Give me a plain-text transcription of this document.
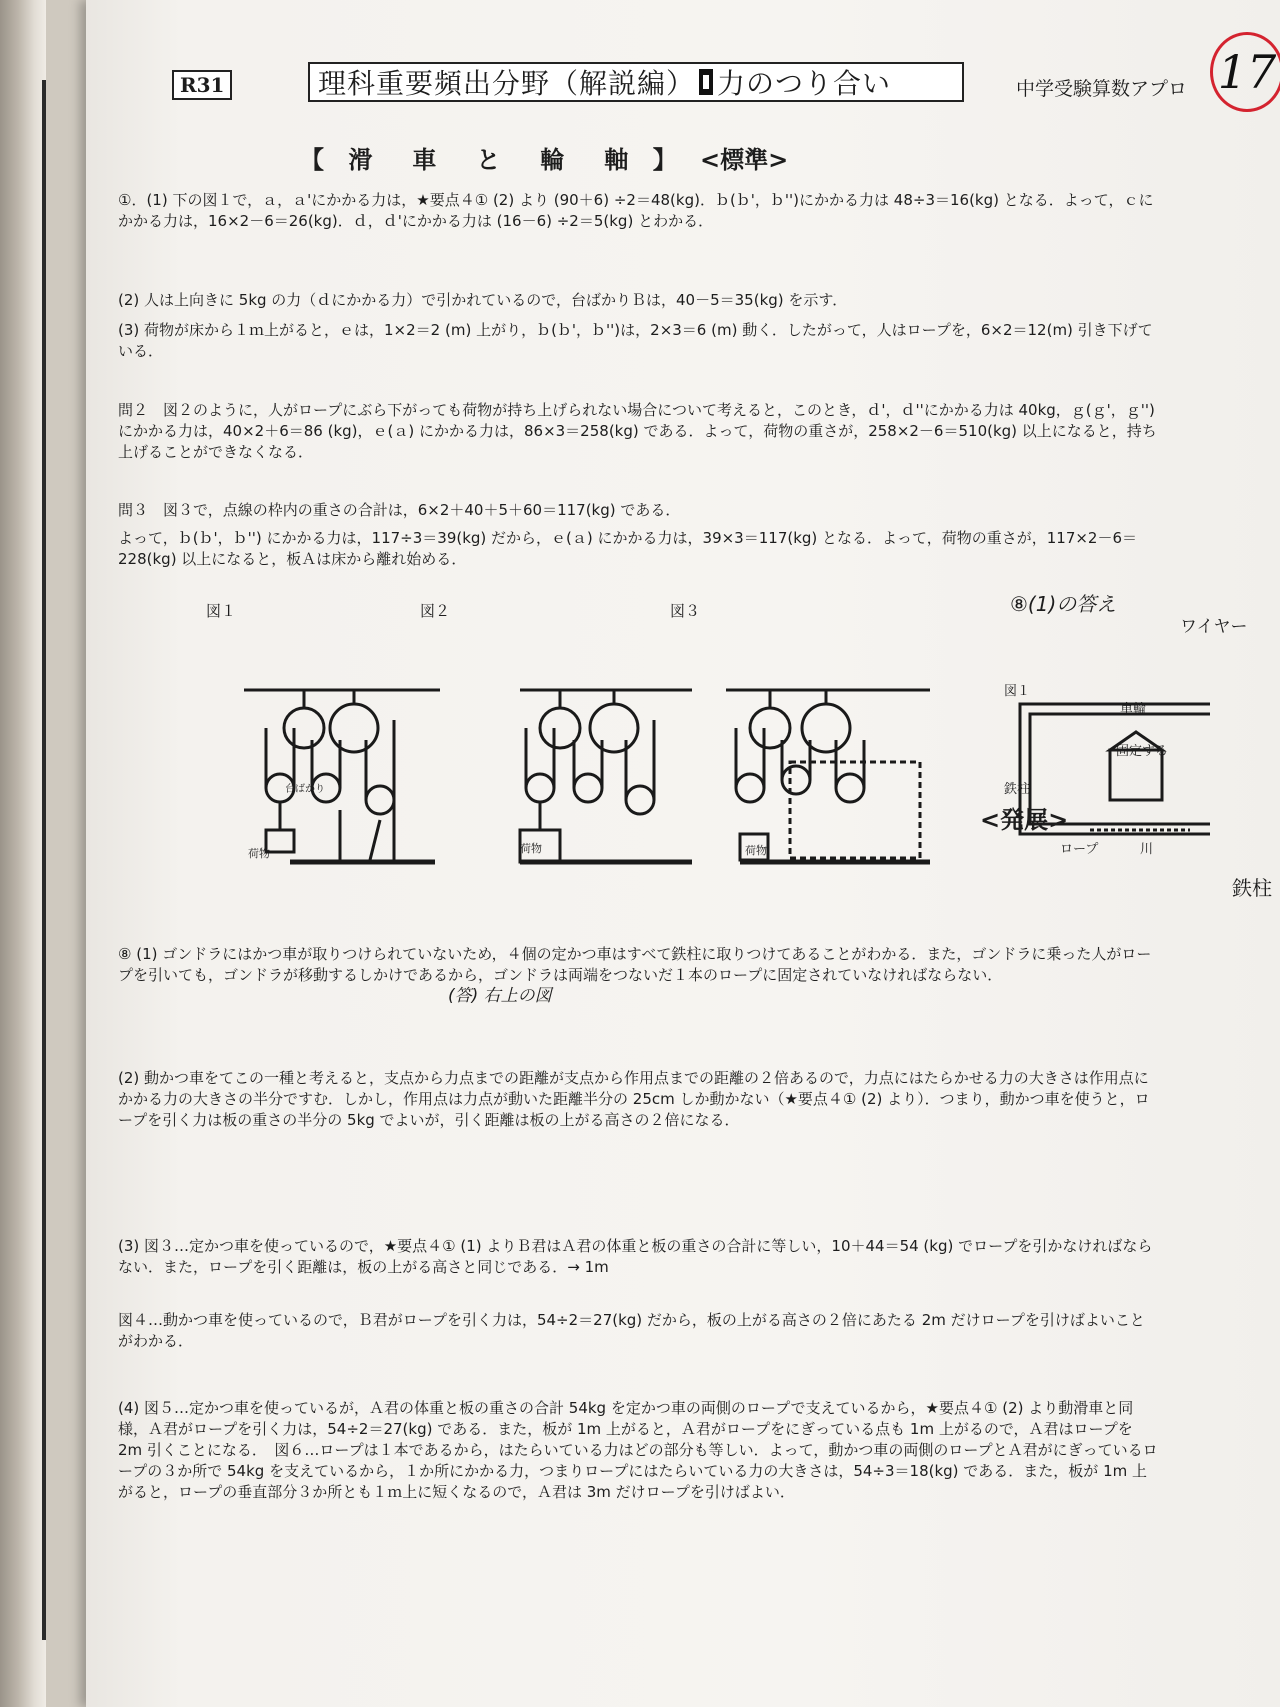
R31	理科重要頻出分野（解説編） 力のつり合い	中学受験算数アプロ 17
【 滑　車　と　輪　軸 】 <標準>

①．(1) 下の図１で，ａ，ａ'にかかる力は，★要点４① (2) より (90＋6) ÷2＝48(kg)．ｂ(ｂ'，ｂ'')にかかる力は 48÷3＝16(kg) となる．よって，ｃにかかる力は，16×2－6＝26(kg)．ｄ，ｄ'にかかる力は (16－6) ÷2＝5(kg) とわかる．

(2) 人は上向きに 5kg の力（ｄにかかる力）で引かれているので，台ばかりＢは，40－5＝35(kg) を示す．

(3) 荷物が床から１ｍ上がると，ｅは，1×2＝2 (m) 上がり，ｂ(ｂ'，ｂ'')は，2×3＝6 (m) 動く．したがって，人はロープを，6×2＝12(m) 引き下げている．

問２　図２のように，人がロープにぶら下がっても荷物が持ち上げられない場合について考えると，このとき，ｄ'，ｄ''にかかる力は 40kg，ｇ(ｇ'，ｇ'')にかかる力は，40×2＋6＝86 (kg)，ｅ(ａ) にかかる力は，86×3＝258(kg) である．よって，荷物の重さが，258×2－6＝510(kg) 以上になると，持ち上げることができなくなる．

問３　図３で，点線の枠内の重さの合計は，6×2＋40＋5＋60＝117(kg) である．

よって，ｂ(ｂ'，ｂ'') にかかる力は，117÷3＝39(kg) だから，ｅ(ａ) にかかる力は，39×3＝117(kg) となる．よって，荷物の重さが，117×2－6＝228(kg) 以上になると，板Ａは床から離れ始める．

図１	図２	図３	⑧(1)の答え
ワイヤー
荷物	荷物	荷物
台ばかり
図１
車輪
固定する
鉄柱
ロープ	川
鉄柱
<発展>

⑧ (1) ゴンドラにはかつ車が取りつけられていないため，４個の定かつ車はすべて鉄柱に取りつけてあることがわかる．また，ゴンドラに乗った人がロープを引いても，ゴンドラが移動するしかけであるから，ゴンドラは両端をつないだ１本のロープに固定されていなければならない．

(答) 右上の図

(2) 動かつ車をてこの一種と考えると，支点から力点までの距離が支点から作用点までの距離の２倍あるので，力点にはたらかせる力の大きさは作用点にかかる力の大きさの半分ですむ．しかし，作用点は力点が動いた距離半分の 25cm しか動かない（★要点４① (2) より）．つまり，動かつ車を使うと，ロープを引く力は板の重さの半分の 5kg でよいが，引く距離は板の上がる高さの２倍になる．

(3) 図３…定かつ車を使っているので，★要点４① (1) よりＢ君はＡ君の体重と板の重さの合計に等しい，10＋44＝54 (kg) でロープを引かなければならない．また，ロープを引く距離は，板の上がる高さと同じである．→ 1m

図４…動かつ車を使っているので，Ｂ君がロープを引く力は，54÷2＝27(kg) だから，板の上がる高さの２倍にあたる 2m だけロープを引けばよいことがわかる．

(4) 図５…定かつ車を使っているが，Ａ君の体重と板の重さの合計 54kg を定かつ車の両側のロープで支えているから，★要点４① (2) より動滑車と同様，Ａ君がロープを引く力は，54÷2＝27(kg) である．また，板が 1m 上がると，Ａ君がロープをにぎっている点も 1m 上がるので，Ａ君はロープを 2m 引くことになる．　図６…ロープは１本であるから，はたらいている力はどの部分も等しい．よって，動かつ車の両側のロープとＡ君がにぎっているロープの３か所で 54kg を支えているから，１か所にかかる力，つまりロープにはたらいている力の大きさは，54÷3＝18(kg) である．また，板が 1m 上がると，ロープの垂直部分３か所とも１ｍ上に短くなるので，Ａ君は 3m だけロープを引けばよい．
